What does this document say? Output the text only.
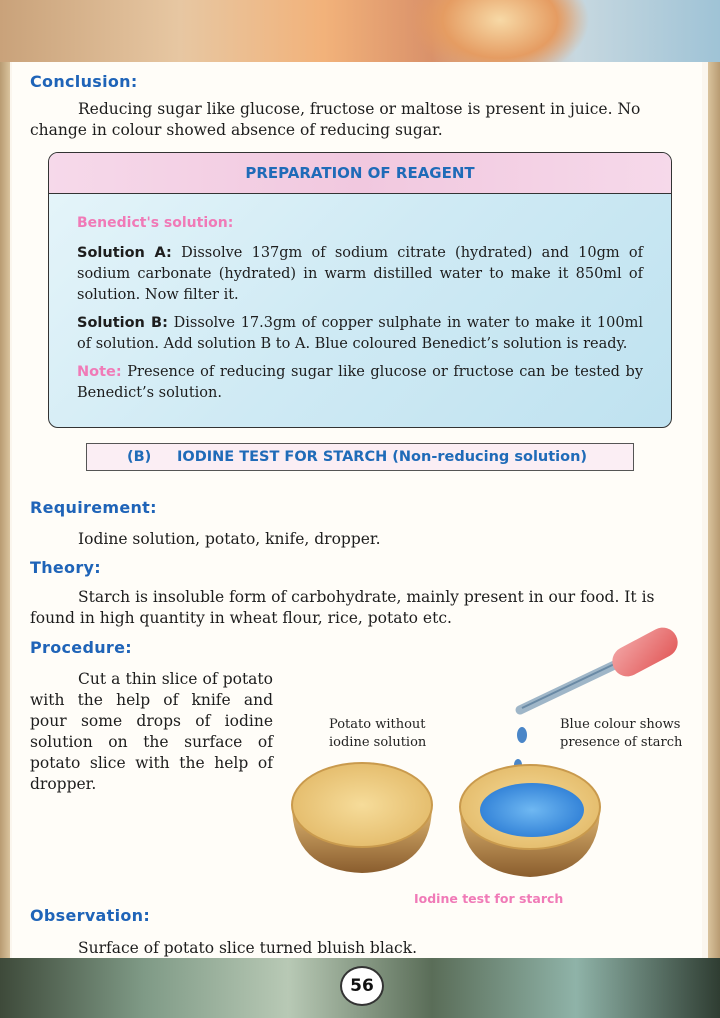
Conclusion:
Reducing sugar like glucose, fructose or maltose is present in juice. No change in colour showed absence of reducing sugar.
PREPARATION OF REAGENT
Benedict's solution:
Solution A: Dissolve 137gm of sodium citrate (hydrated) and 10gm of sodium carbonate (hydrated) in warm distilled water to make it 850ml of solution. Now filter it.
Solution B: Dissolve 17.3gm of copper sulphate in water to make it 100ml of solution. Add solution B to A. Blue coloured Benedict’s solution is ready.
Note: Presence of reducing sugar like glucose or fructose can be tested by Benedict’s solution.
(B) IODINE TEST FOR STARCH (Non-reducing solution)
Requirement:
Iodine solution, potato, knife, dropper.
Theory:
Starch is insoluble form of carbohydrate, mainly present in our food. It is found in high quantity in wheat flour, rice, potato etc.
Procedure:
Cut a thin slice of potato with the help of knife and pour some drops of iodine solution on the surface of potato slice with the help of dropper.
Potato without
iodine solution
Blue colour shows
presence of starch
Iodine test for starch
Observation:
Surface of potato slice turned bluish black.
56
